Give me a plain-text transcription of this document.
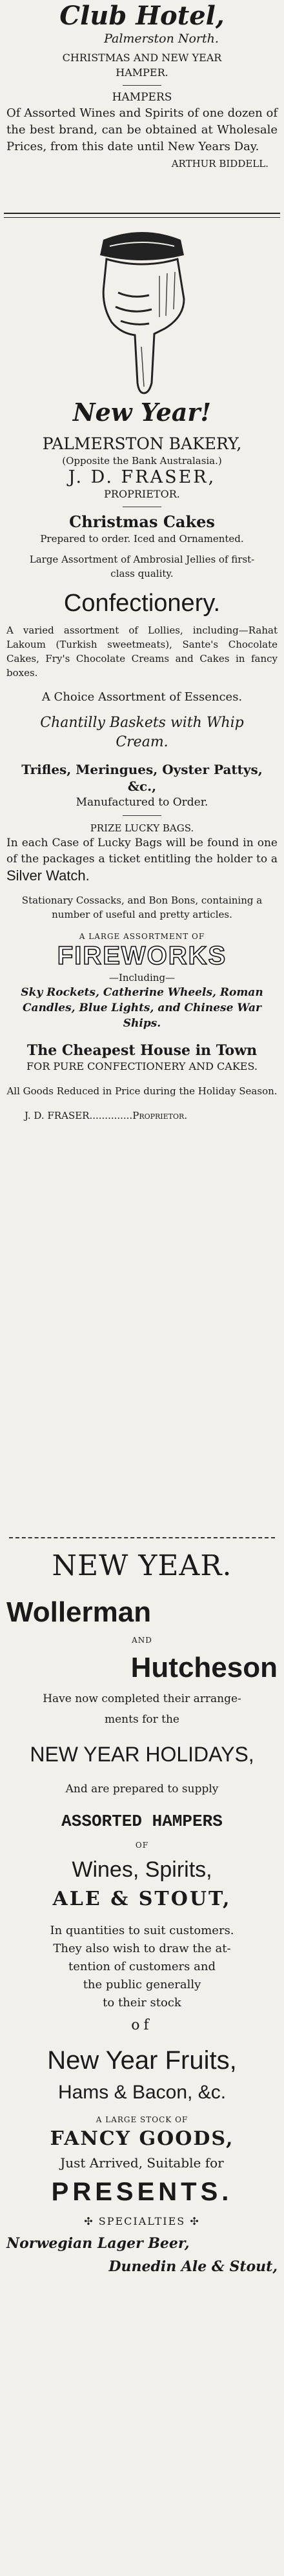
Club Hotel,

Palmerston North.

CHRISTMAS AND NEW YEAR

HAMPER.

HAMPERS

Of Assorted Wines and Spirits of one dozen of the best brand, can be obtained at Wholesale Prices, from this date until New Years Day.

ARTHUR BIDDELL.

New Year!

PALMERSTON BAKERY,

(Opposite the Bank Australasia.)

J. D. FRASER,

PROPRIETOR.

Christmas Cakes

Prepared to order. Iced and Ornamented.

Large Assortment of Ambrosial Jellies of first-class quality.

Confectionery.

A varied assortment of Lollies, including—Rahat Lakoum (Turkish sweetmeats), Sante's Chocolate Cakes, Fry's Chocolate Creams and Cakes in fancy boxes.

A Choice Assortment of Essences.

Chantilly Baskets with Whip Cream.

Trifles, Meringues, Oyster Pattys, &c.,

Manufactured to Order.

PRIZE LUCKY BAGS.

In each Case of Lucky Bags will be found in one of the packages a ticket entitling the holder to a Silver Watch.

Stationary Cossacks, and Bon Bons, containing a number of useful and pretty articles.

A LARGE ASSORTMENT OF

FIREWORKS

—Including—

Sky Rockets, Catherine Wheels, Roman Candles, Blue Lights, and Chinese War Ships.

The Cheapest House in Town

FOR PURE CONFECTIONERY AND CAKES.

All Goods Reduced in Price during the Holiday Season.

J. D. FRASER..............Proprietor.

NEW YEAR.

Wollerman

AND

Hutcheson

Have now completed their arrange-

ments for the

NEW YEAR HOLIDAYS,

And are prepared to supply

ASSORTED HAMPERS

OF

Wines, Spirits,

ALE & STOUT,

In quantities to suit customers.

They also wish to draw the at-

tention of customers and

the public generally

to their stock

of

New Year Fruits,

Hams & Bacon, &c.

A LARGE STOCK OF

FANCY GOODS,

Just Arrived, Suitable for

PRESENTS.

✣ SPECIALTIES ✣

Norwegian Lager Beer,

Dunedin Ale & Stout,
